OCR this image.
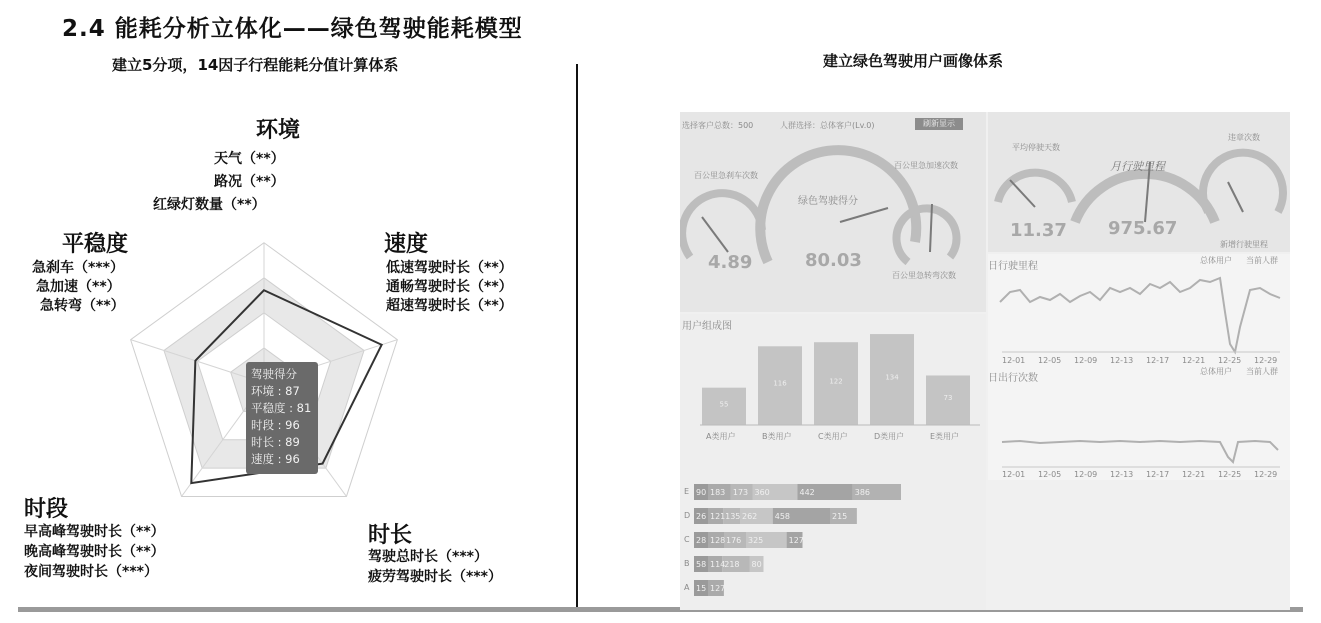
2.4 能耗分析立体化——绿色驾驶能耗模型
建立5分项，14因子行程能耗分值计算体系	建立绿色驾驶用户画像体系
环境
天气（**）
路况（**）
红绿灯数量（**）
平稳度
急刹车（***）
急加速（**）
急转弯（**）
速度
低速驾驶时长（**）
通畅驾驶时长（**）
超速驾驶时长（**）
时段
早高峰驾驶时长（**）
晚高峰驾驶时长（**）
夜间驾驶时长（***）
时长
驾驶总时长（***）
疲劳驾驶时长（***）
驾驶得分
环境 : 87
平稳度 : 81
时段 : 96
时长 : 89
速度 : 96
55
116	122
134
73
选择客户总数：500	人群选择：总体客户(Lv.0)	刷新显示
百公里急刹车次数
4.89
绿色驾驶得分
80.03
百公里急加速次数
百公里急转弯次数
平均停驶天数
11.37
月行驶里程
975.67
违章次数
新增行驶里程
用户组成图
A类用户	B类用户	C类用户	D类用户	E类用户
日行驶里程
总体用户 当前人群
日出行次数
总体用户 当前人群
12-01 12-05 12-09 12-13 12-17 12-21 12-25 12-29
12-01 12-05 12-09 12-13 12-17 12-21 12-25 12-29
E 90 183 173 360	442	386
D 26 121 135 262 458	215
C 28 128 176 325	127
B 58 114
218 80
A 15 127
